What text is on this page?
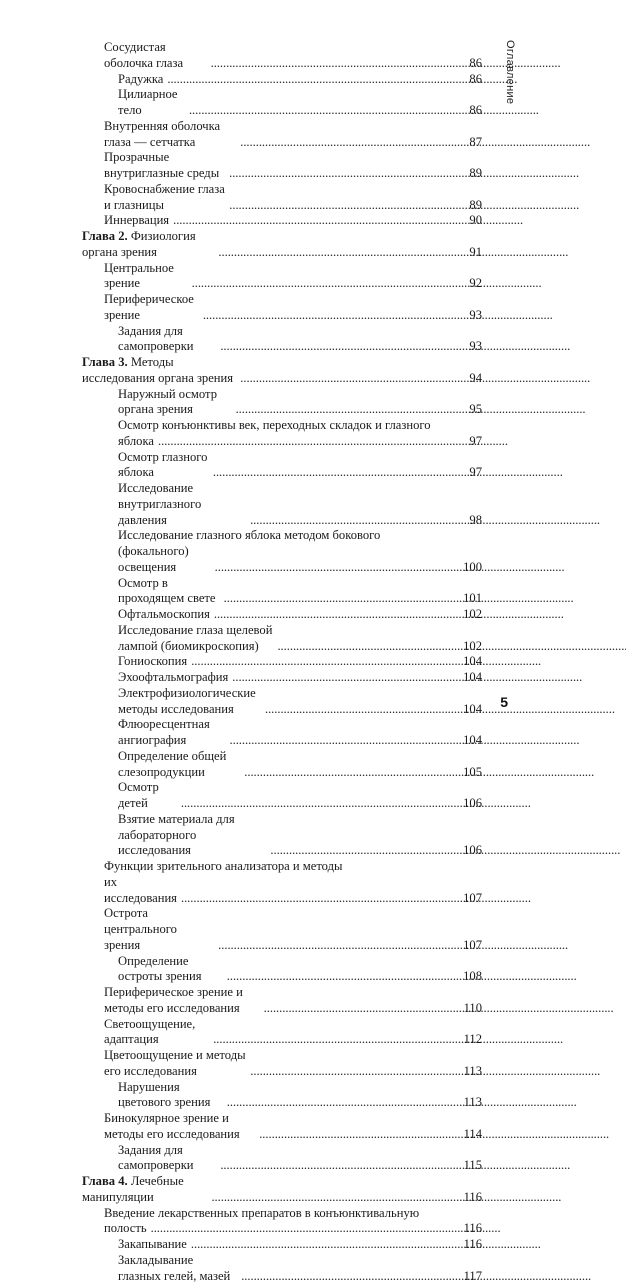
Оглавление
Сосудистая оболочка глаза . . .	86
Радужка . . .	86
Цилиарное тело . . .	86
Внутренняя оболочка глаза — сетчатка . . .	87
Прозрачные внутриглазные среды . . .	89
Кровоснабжение глаза и глазницы . . .	89
Иннервация . . .	90
Глава 2. Физиология органа зрения . . .	91
Центральное зрение . . .	92
Периферическое зрение . . .	93
Задания для самопроверки . . .	93
Глава 3. Методы исследования органа зрения . . .	94
Наружный осмотр органа зрения . . .	95
Осмотр конъюнктивы век, переходных складок и глазного
яблока . . .	97
Осмотр глазного яблока . . .	97
Исследование внутриглазного давления . . .	98
Исследование глазного яблока методом бокового
(фокального) освещения . . .	100
Осмотр в проходящем свете . . .	101
Офтальмоскопия . . .	102
Исследование глаза щелевой лампой (биомикроскопия) . . .	102
Гониоскопия . . .	104
Эхоофтальмография . . .	104
Электрофизиологические методы исследования . . .	104
Флюоресцентная ангиография . . .	104
Определение общей слезопродукции . . .	105
Осмотр детей . . .	106
Взятие материала для лабораторного исследования . . .	106
Функции зрительного анализатора и методы
их исследования . . .	107
Острота центрального зрения . . .	107
Определение остроты зрения . . .	108
Периферическое зрение и методы его исследования . . .	110
Светоощущение, адаптация . . .	112
Цветоощущение и методы его исследования . . .	113
Нарушения цветового зрения . . .	113
Бинокулярное зрение и методы его исследования . . .	114
Задания для самопроверки . . .	115
Глава 4. Лечебные манипуляции . . .	116
Введение лекарственных препаратов в конъюнктивальную
полость . . .	116
Закапывание . . .	116
Закладывание глазных гелей, мазей . . .	117
5
